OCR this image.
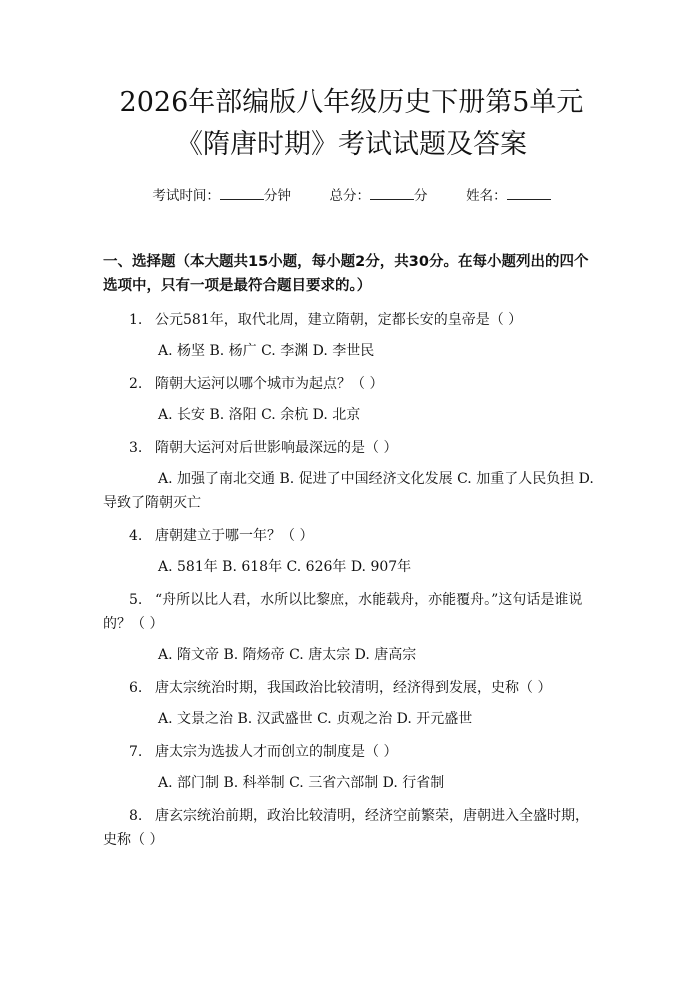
2026年部编版八年级历史下册第5单元《隋唐时期》考试试题及答案
考试时间：	分钟	总分：	分	姓名：
一、选择题（本大题共15小题，每小题2分，共30分。在每小题列出的四个选项中，只有一项是最符合题目要求的。）
1. 公元581年，取代北周，建立隋朝，定都长安的皇帝是（ ）
A. 杨坚 B. 杨广 C. 李渊 D. 李世民
2. 隋朝大运河以哪个城市为起点？（ ）
A. 长安 B. 洛阳 C. 余杭 D. 北京
3. 隋朝大运河对后世影响最深远的是（ ）
A. 加强了南北交通 B. 促进了中国经济文化发展 C. 加重了人民负担 D. 导致了隋朝灭亡
4. 唐朝建立于哪一年？（ ）
A. 581年 B. 618年 C. 626年 D. 907年
5. “舟所以比人君，水所以比黎庶，水能载舟，亦能覆舟。”这句话是谁说的？（ ）
A. 隋文帝 B. 隋炀帝 C. 唐太宗 D. 唐高宗
6. 唐太宗统治时期，我国政治比较清明，经济得到发展，史称（ ）
A. 文景之治 B. 汉武盛世 C. 贞观之治 D. 开元盛世
7. 唐太宗为选拔人才而创立的制度是（ ）
A. 部门制 B. 科举制 C. 三省六部制 D. 行省制
8. 唐玄宗统治前期，政治比较清明，经济空前繁荣，唐朝进入全盛时期，史称（ ）
